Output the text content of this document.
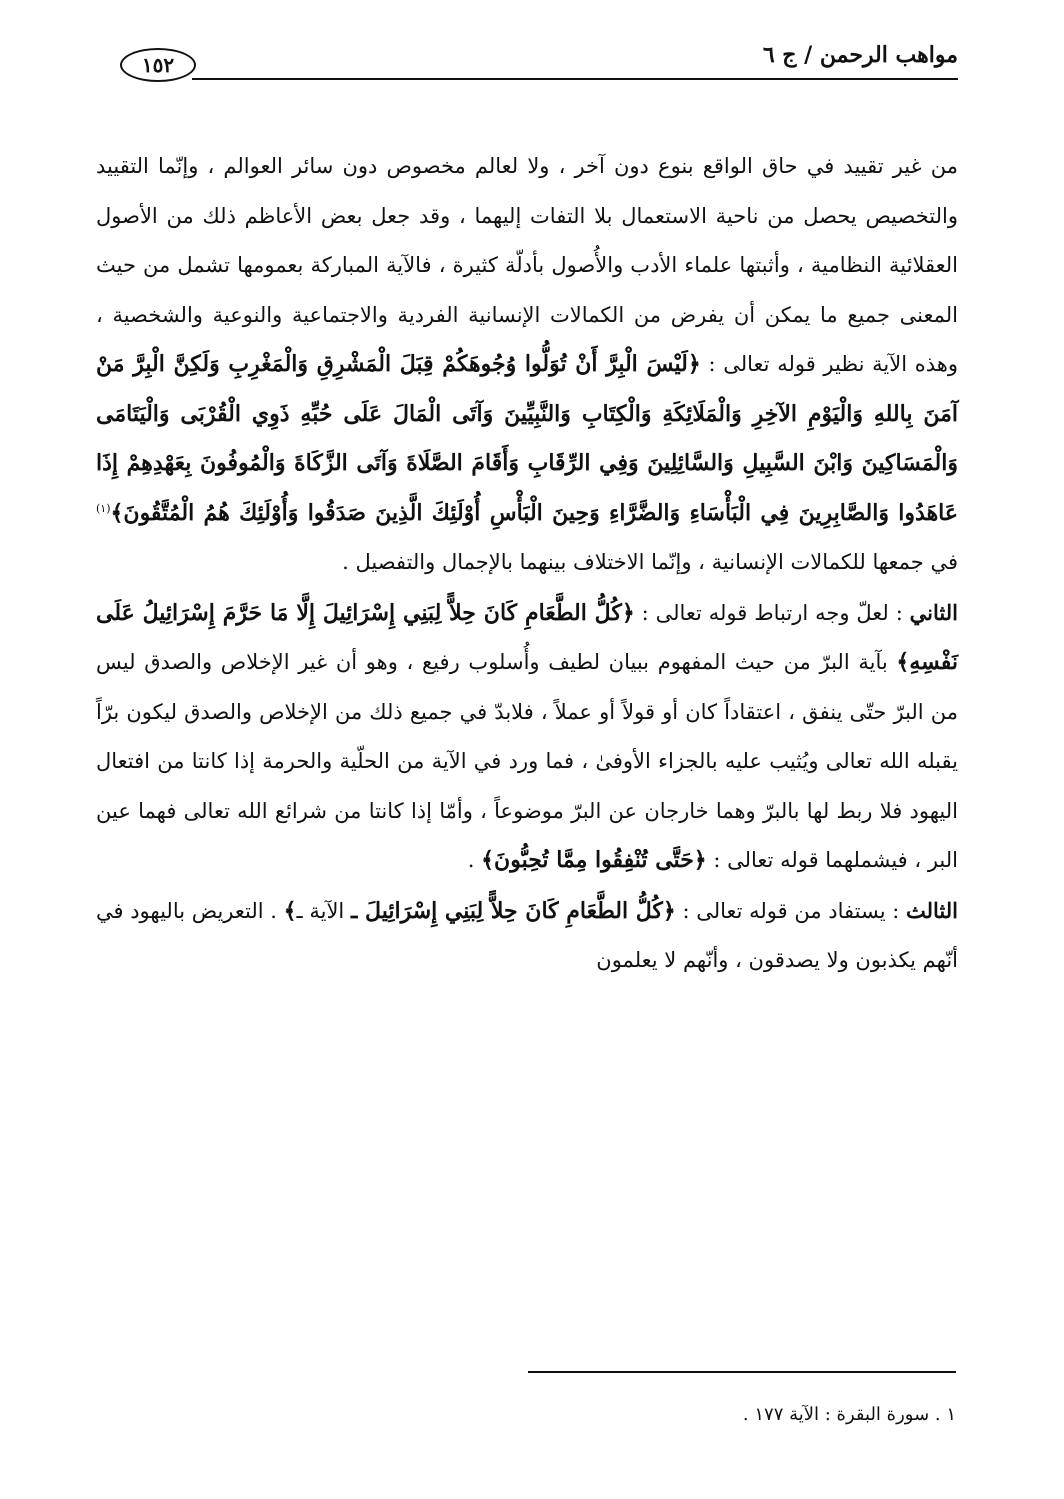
مواهب الرحمن / ج ٦
١٥٢

من غير تقييد في حاق الواقع بنوع دون آخر ، ولا لعالم مخصوص دون سائر العوالم ، وإنّما التقييد والتخصيص يحصل من ناحية الاستعمال بلا التفات إليهما ، وقد جعل بعض الأعاظم ذلك من الأصول العقلائية النظامية ، وأثبتها علماء الأدب والأُصول بأدلّة كثيرة ، فالآية المباركة بعمومها تشمل من حيث المعنى جميع ما يمكن أن يفرض من الكمالات الإنسانية الفردية والاجتماعية والنوعية والشخصية ، وهذه الآية نظير قوله تعالى : ﴿لَيْسَ الْبِرَّ أَنْ تُوَلُّوا وُجُوهَكُمْ قِبَلَ الْمَشْرِقِ وَالْمَغْرِبِ وَلَكِنَّ الْبِرَّ مَنْ آمَنَ بِاللهِ وَالْيَوْمِ الآخِرِ وَالْمَلَائِكَةِ وَالْكِتَابِ وَالنَّبِيِّينَ وَآتَى الْمَالَ عَلَى حُبِّهِ ذَوِي الْقُرْبَى وَالْيَتَامَى وَالْمَسَاكِينَ وَابْنَ السَّبِيلِ وَالسَّائِلِينَ وَفِي الرِّقَابِ وَأَقَامَ الصَّلَاةَ وَآتَى الزَّكَاةَ وَالْمُوفُونَ بِعَهْدِهِمْ إِذَا عَاهَدُوا وَالصَّابِرِينَ فِي الْبَأْسَاءِ وَالضَّرَّاءِ وَحِينَ الْبَأْسِ أُوْلَئِكَ الَّذِينَ صَدَقُوا وَأُوْلَئِكَ هُمُ الْمُتَّقُونَ﴾$^{(١)}$ في جمعها للكمالات الإنسانية ، وإنّما الاختلاف بينهما بالإجمال والتفصيل .

الثاني : لعلّ وجه ارتباط قوله تعالى : ﴿كُلُّ الطَّعَامِ كَانَ حِلاًّ لِبَنِي إِسْرَائِيلَ إِلَّا مَا حَرَّمَ إِسْرَائِيلُ عَلَى نَفْسِهِ﴾ بآية البرّ من حيث المفهوم ببيان لطيف وأُسلوب رفيع ، وهو أن غير الإخلاص والصدق ليس من البرّ حتّى ينفق ، اعتقاداً كان أو قولاً أو عملاً ، فلابدّ في جميع ذلك من الإخلاص والصدق ليكون برّاً يقبله الله تعالى ويُثيب عليه بالجزاء الأوفىٰ ، فما ورد في الآية من الحلّية والحرمة إذا كانتا من افتعال اليهود فلا ربط لها بالبرّ وهما خارجان عن البرّ موضوعاً ، وأمّا إذا كانتا من شرائع الله تعالى فهما عين البر ، فيشملهما قوله تعالى : ﴿حَتَّى تُنْفِقُوا مِمَّا تُحِبُّونَ﴾ .

الثالث : يستفاد من قوله تعالى : ﴿كُلُّ الطَّعَامِ كَانَ حِلاًّ لِبَنِي إِسْرَائِيلَ ـ الآية ـ﴾ . التعريض باليهود في أنّهم يكذبون ولا يصدقون ، وأنّهم لا يعلمون

١ . سورة البقرة : الآية ١٧٧ .
